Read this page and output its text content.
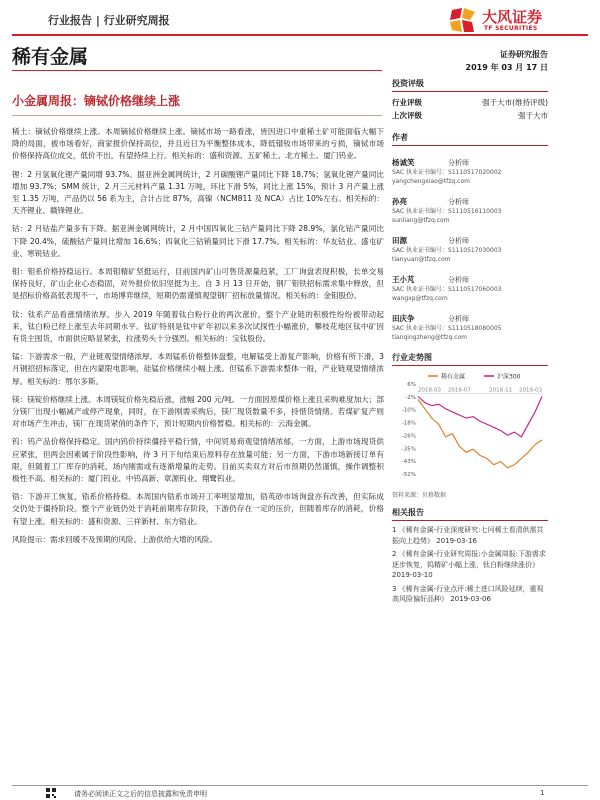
行业报告 | 行业研究周报	大风证券
TF SECURITIES
稀有金属	证券研究报告
2019 年 03 月 17 日
小金属周报：镝铽价格继续上涨

稀土：镝铽价格继续上涨。本周镝铽价格继续上涨。镝铽市场一路看涨，皆因进口中重稀土矿可能面临大幅下降的局面，被市场看好，商家报价保持高位，并且近日为平衡整体成本，降低镨钕市场带来的亏损，镝铽市场价格保持高位成交，低价不出，有望持续上行。相关标的：盛和资源、五矿稀土、北方稀土、厦门钨业。

锂：2 月氢氧化锂产量同增 93.7%。据亚洲金属网统计，2 月碳酸锂产量同比下降 18.7%；氢氧化锂产量同比增加 93.7%；SMM 统计，2 月三元材料产量 1.31 万吨，环比下滑 5%，同比上涨 15%，预计 3 月产量上涨至 1.35 万吨，产品仍以 56 系为主，合计占比 87%，高镍（NCM811 及 NCA）占比 10%左右。相关标的：天齐锂业、赣锋锂业。

钴：2 月钴盐产量多有下降。据亚洲金属网统计，2 月中国四氧化三钴产量同比下降 28.9%，氯化钴产量同比下降 20.4%，硫酸钴产量同比增加 16.6%；四氧化三钴销量同比下滑 17.7%。相关标的：华友钴业、盛屯矿业、寒锐钴业。

钼：钼系价格持稳运行。本周钼精矿坚挺运行，目前国内矿山可售货源量趋紧，工厂询盘表现积极，长单交易保持良好，矿山企业心态稳固，对外报价依旧坚挺为主。自 3 月 13 日开始，钢厂钼铁招标需求集中释放，但是招标价格高低表现不一，市场博弈继续，短期仍需谨慎观望钢厂招标放量情况。相关标的：金钼股份。

钛：钛系产品看涨情绪浓厚。步入 2019 年随着钛白粉行业的两次涨价，整个产业链的积极性纷纷被带动起来，钛白粉已经上涨至去年同期水平。钛矿特别是钛中矿年初以来多次试探性小幅涨价，攀枝花地区钛中矿因有货主囤货，市面供应略显紧张，拉涨势头十分强烈。相关标的：宝钛股份。

锰：下游需求一般，产业链观望情绪浓厚。本周锰系价格整体盘整，电解锰受上游复产影响，价格有所下滑，3 月钢招招标落定，但在内蒙限电影响，硅锰价格继续小幅上涨。但锰系下游需求整体一般，产业链观望情绪浓厚。相关标的：鄂尔多斯。

镁：镁锭价格继续上涨。本周镁锭价格先稳后涨，涨幅 200 元/吨。一方面因原煤价格上涨且采购难度加大；部分镁厂出现小幅减产或停产现象，同时，在下游刚需采购后，镁厂现货数量不多，持惜货情绪。若煤矿复产则对市场产生冲击，镁厂在现货紧俏的条件下，预计短期内价格暂稳。相关标的：云海金属。

钨：钨产品价格保持稳定。国内钨价持续僵持平稳行情，中间贸易商观望情绪浓郁，一方面，上游市场现货供应紧张，但两会因素属于阶段性影响，待 3 月下旬结束后原料存在放量可能；另一方面，下游市场新接订单有限，但随着工厂库存的消耗，场内刚需或有逐渐增量的走势。目前买卖双方对后市预期仍然谨慎，操作调整积极性不高。相关标的：厦门钨业、中钨高新、章源钨业、翔鹭钨业。

锆：下游开工恢复，锆系价格持稳。本周国内锆系市场开工率明显增加，锆英砂市场询盘亦有改善，但实际成交仍处于僵持阶段。整个产业链仍处于消耗前期库存阶段，下游仍存在一定的压价，但随着库存的消耗，价格有望上涨。相关标的：盛和资源、三祥新材、东方锆业。

风险提示：需求回暖不及预期的风险、上游供给大增的风险。

投资评级
行业评级	强于大市(维持评级)
上次评级	强于大市
作者
杨诚笑	分析师
SAC 执业证书编号：S1110517020002
yangchengxiao@tfzq.com
孙亮	分析师
SAC 执业证书编号：S1110516110003
sunliang@tfzq.com
田源	分析师
SAC 执业证书编号：S1110517030003
tianyuan@tfzq.com
王小芃	分析师
SAC 执业证书编号：S1110517060003
wangxp@tfzq.com
田庆争	分析师
SAC 执业证书编号：S1110518080005
tianqingzheng@tfzq.com
行业走势图
稀有金属	沪深300
6%
-2%
-10%
-18%
-26%
-35%
-43%
-52%
2018-03 2018-07	2018-11 2019-03
资料来源：贝格数据
相关报告
1 《稀有金属-行业深度研究:七问稀土看清供需共振向上趋势》 2019-03-16
2 《稀有金属-行业研究周报:小金属周报:下游需求逐步恢复，钨精矿小幅上涨，钛白粉继续涨价》 2019-03-10
3 《稀有金属-行业点评:稀土进口风险延续，重视高风险偏好品种》 2019-03-06
请务必阅读正文之后的信息披露和免责申明	1
